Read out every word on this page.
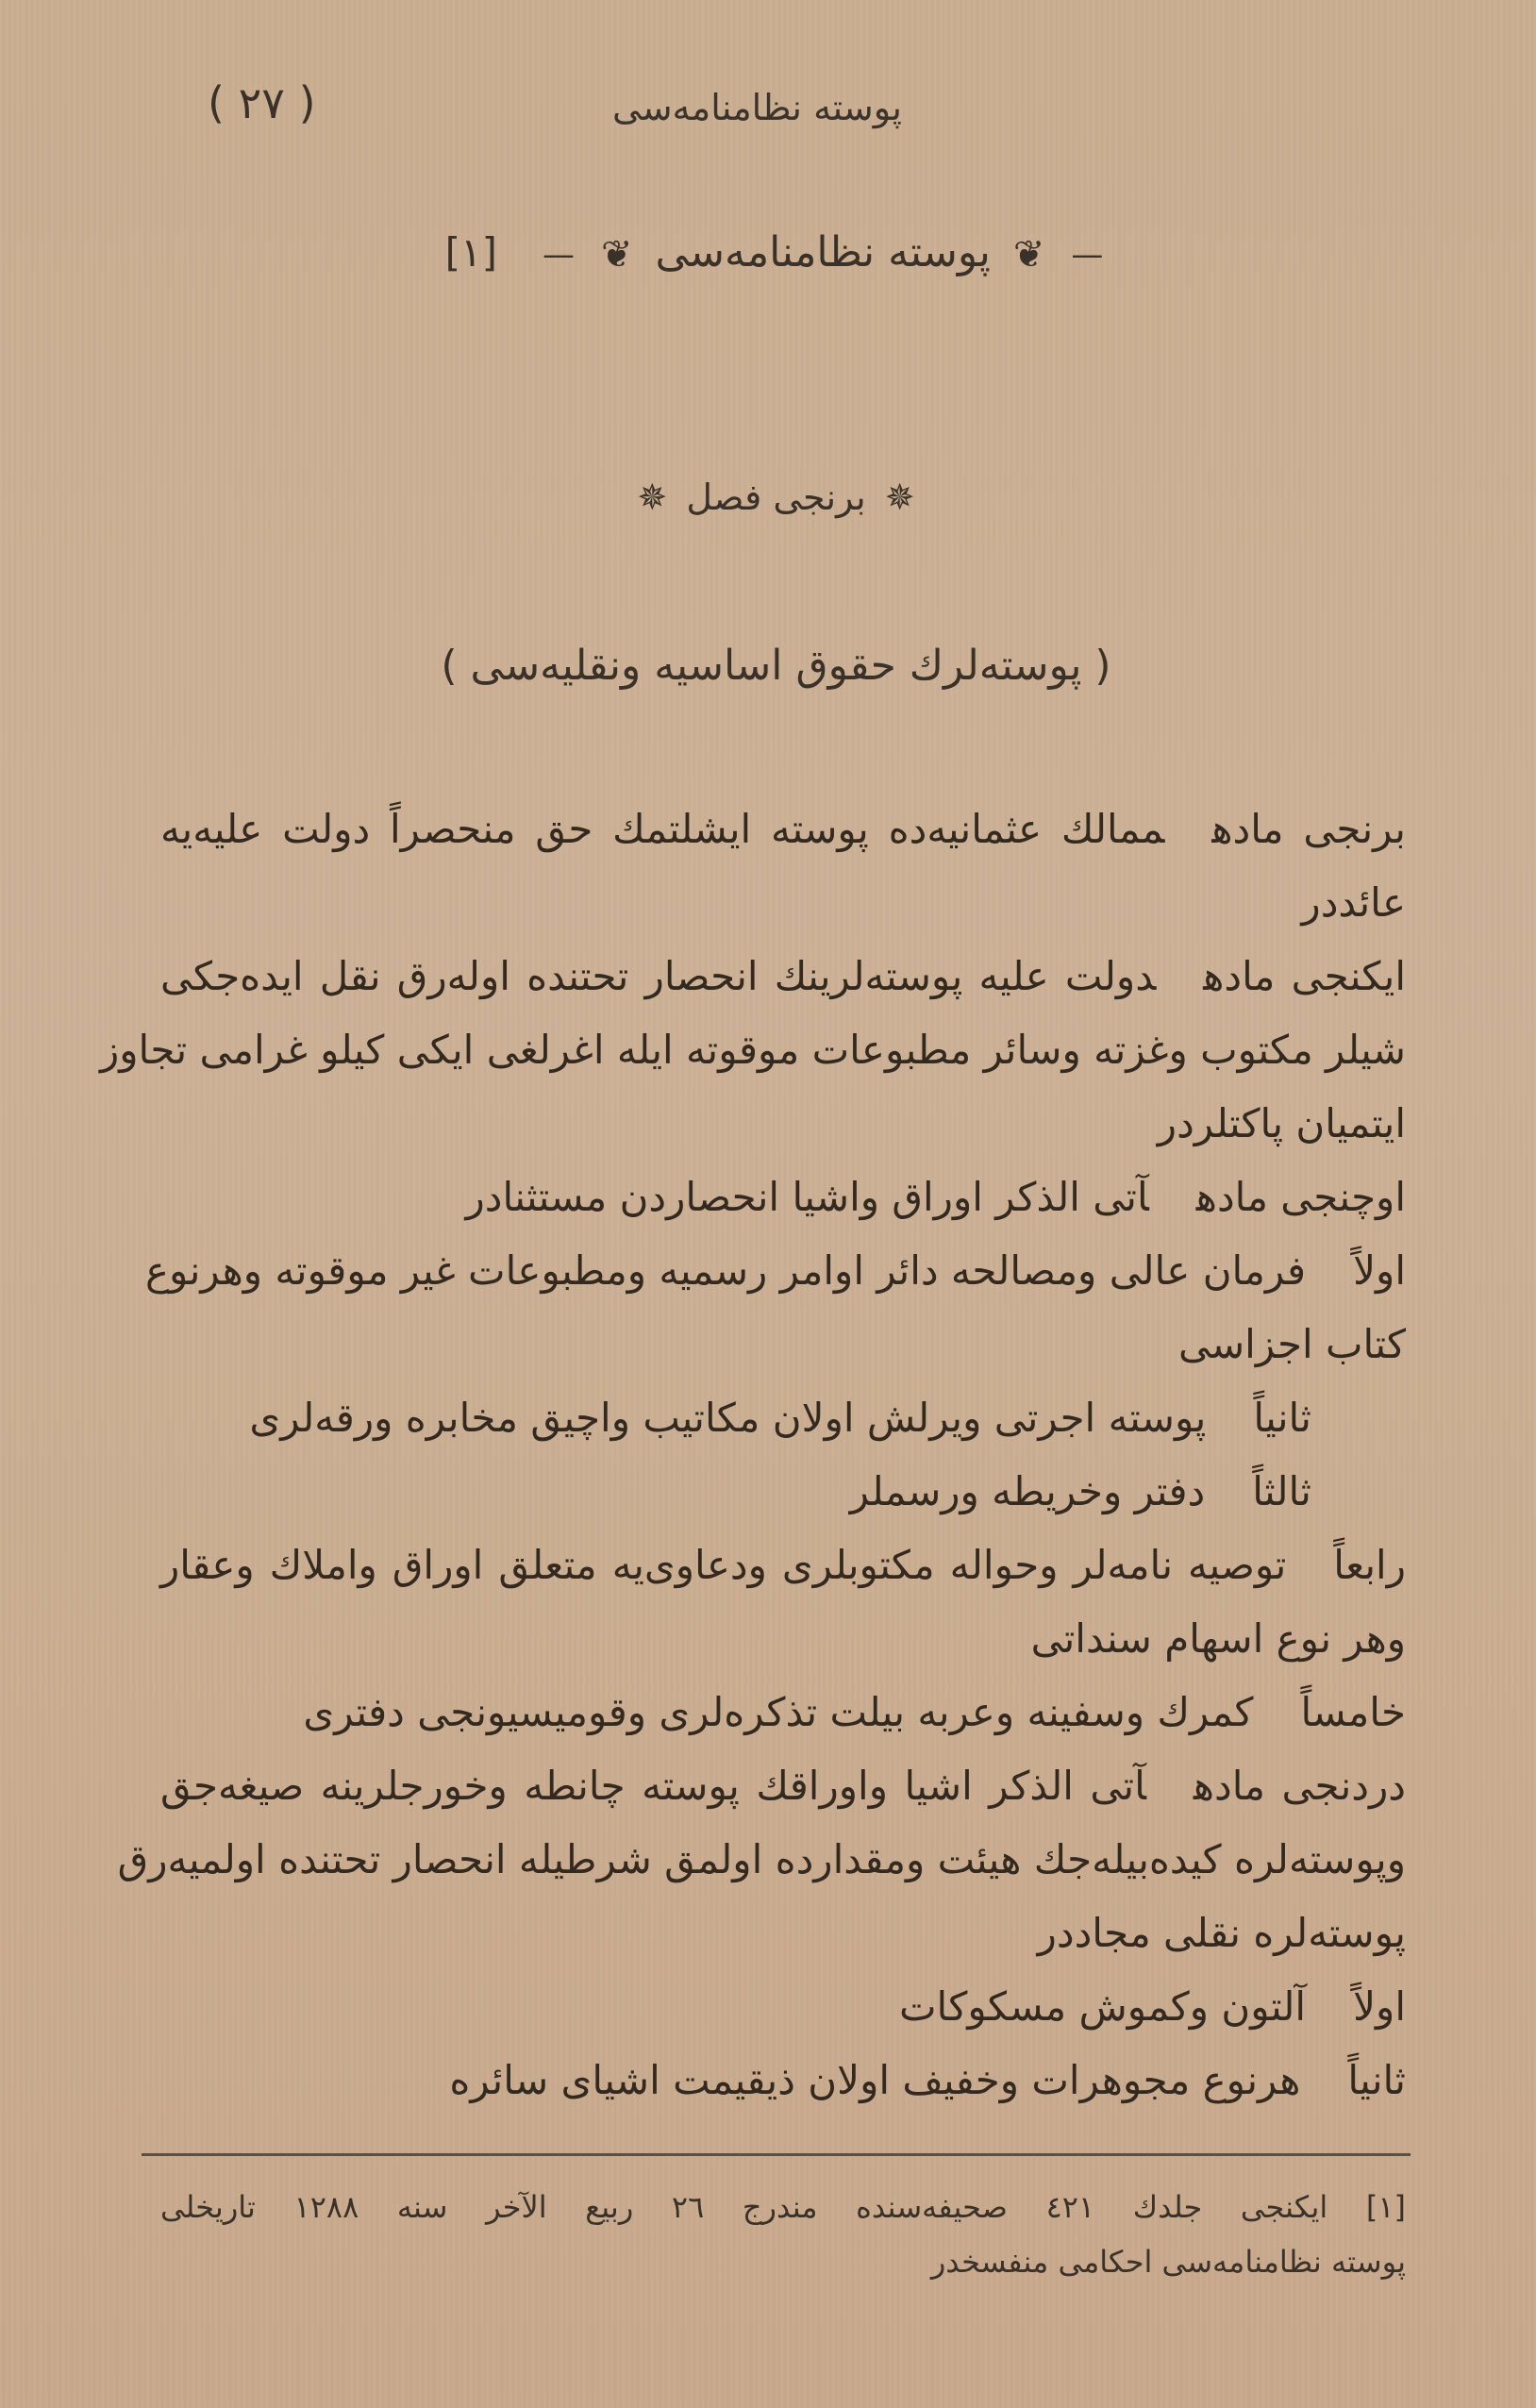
پوسته نظامنامه‌سی
( ٢٧ )
— ❦ پوسته نظامنامه‌سی ❦ — [١]
✵ برنجی فصل ✵
( پوسته‌لرك حقوق اساسیه ونقلیه‌سی )
برنجی مادهممالك عثمانیه‌ده پوسته ایشلتمك حق منحصراً دولت علیه‌یه
عائددر
ایكنجی مادهدولت علیه پوسته‌لرینك انحصار تحتنده اوله‌رق نقل ایده‌جكی
شیلر مكتوب وغزته وسائر مطبوعات موقوته ایله اغرلغی ایكی كیلو غرامی تجاوز
ایتمیان پاكتلردر
اوچنجی مادهآتی الذكر اوراق واشیا انحصاردن مستثنادر
اولاًفرمان عالی ومصالحه دائر اوامر رسمیه ومطبوعات غیر موقوته وهرنوع
كتاب اجزاسی
ثانیاًپوسته اجرتی ویرلش اولان مكاتیب واچیق مخابره ورقه‌لری
ثالثاًدفتر وخریطه ورسملر
رابعاًتوصیه نامه‌لر وحواله مكتوبلری ودعاوی‌یه متعلق اوراق واملاك وعقار
وهر نوع اسهام سنداتی
خامساًكمرك وسفینه وعربه بیلت تذكره‌لری وقومیسیونجی دفتری
دردنجی مادهآتی الذكر اشیا واوراقك پوسته چانطه وخورجلرینه صیغه‌جق
وپوسته‌لره كیده‌بیله‌جك هیئت ومقدارده اولمق شرطیله انحصار تحتنده اولمیه‌رق
پوسته‌لره نقلی مجاددر
اولاًآلتون وكموش مسكوكات
ثانیاًهرنوع مجوهرات وخفیف اولان ذیقیمت اشیای سائره
[١] ایكنجی جلدك ٤٢١ صحیفه‌سنده مندرج ٢٦ ربیع الآخر سنه ١٢٨٨ تاریخلی
پوسته نظامنامه‌سی احكامی منفسخدر
